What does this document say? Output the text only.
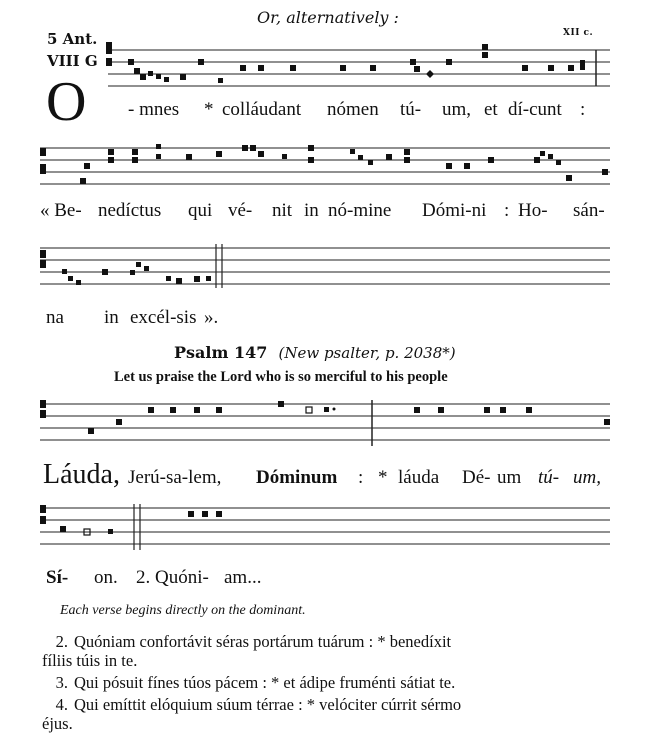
Or, alternatively :
5 Ant.
VIII G
XII c.
O - mnes * colláudant nómen tú- um, et dí-cunt :
« Be- nedíctus qui vé- nit in nó-mine Dómi-ni : Ho- sán-
na in excél-sis ».
Psalm 147 (New psalter, p. 2038*)
Let us praise the Lord who is so merciful to his people
Láuda, Jerú-sa-lem, Dóminum : * láuda Dé- um tú- um,
Sí- on. 2. Quóni- am...
Each verse begins directly on the dominant.
2. Quóniam confortávit séras portárum tuárum : * benedíxit
fíliis túis in te.
3. Qui pósuit fínes túos pácem : * et ádipe fruménti sátiat te.
4. Qui emíttit elóquium súum térrae : * velóciter cúrrit sérmo
éjus.
